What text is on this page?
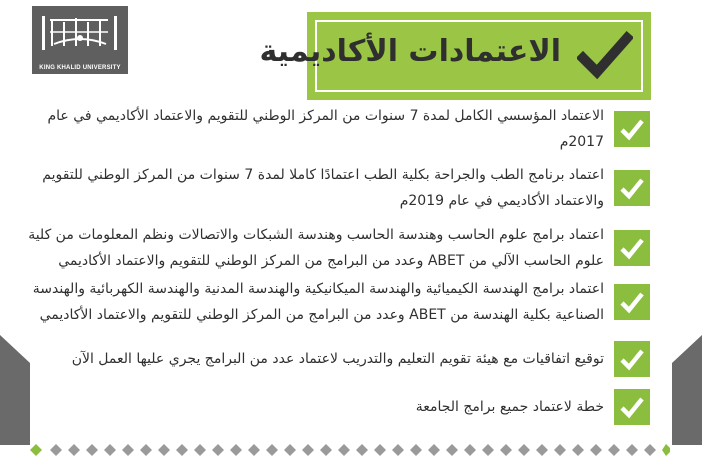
KING KHALID UNIVERSITY	الاعتمادات الأكاديمية
الاعتماد المؤسسي الكامل لمدة 7 سنوات من المركز الوطني للتقويم والاعتماد الأكاديمي في عام 2017م
اعتماد برنامج الطب والجراحة بكلية الطب اعتمادًا كاملا لمدة 7 سنوات من المركز الوطني للتقويم والاعتماد الأكاديمي في عام 2019م
اعتماد برامج علوم الحاسب وهندسة الحاسب وهندسة الشبكات والاتصالات ونظم المعلومات من كلية علوم الحاسب الآلي من ABET وعدد من البرامج من المركز الوطني للتقويم والاعتماد الأكاديمي
اعتماد برامج الهندسة الكيميائية والهندسة الميكانيكية والهندسة المدنية والهندسة الكهربائية والهندسة الصناعية بكلية الهندسة من ABET وعدد من البرامج من المركز الوطني للتقويم والاعتماد الأكاديمي
توقيع اتفاقيات مع هيئة تقويم التعليم والتدريب لاعتماد عدد من البرامج يجري عليها العمل الآن
خطة لاعتماد جميع برامج الجامعة
